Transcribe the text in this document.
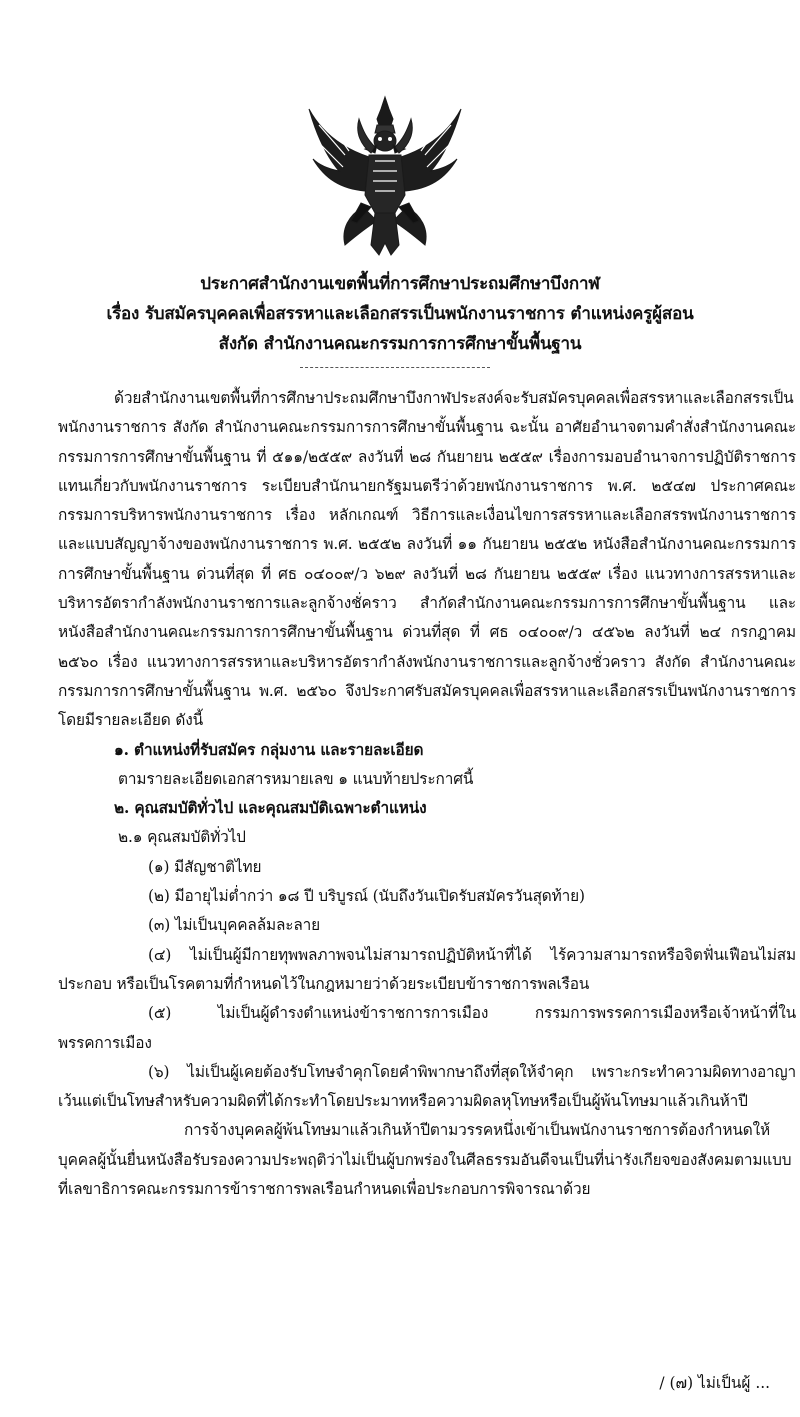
ประกาศสำนักงานเขตพื้นที่การศึกษาประถมศึกษาบึงกาฬ
เรื่อง รับสมัครบุคคลเพื่อสรรหาและเลือกสรรเป็นพนักงานราชการ ตำแหน่งครูผู้สอน
สังกัด สำนักงานคณะกรรมการการศึกษาขั้นพื้นฐาน

ด้วยสำนักงานเขตพื้นที่การศึกษาประถมศึกษาบึงกาฬประสงค์จะรับสมัครบุคคลเพื่อสรรหาและเลือกสรรเป็นพนักงานราชการ สังกัด สำนักงานคณะกรรมการการศึกษาขั้นพื้นฐาน ฉะนั้น อาศัยอำนาจตามคำสั่งสำนักงานคณะกรรมการการศึกษาขั้นพื้นฐาน ที่ ๕๑๑/๒๕๕๙ ลงวันที่ ๒๘ กันยายน ๒๕๕๙ เรื่องการมอบอำนาจการปฏิบัติราชการแทนเกี่ยวกับพนักงานราชการ ระเบียบสำนักนายกรัฐมนตรีว่าด้วยพนักงานราชการ พ.ศ. ๒๕๔๗ ประกาศคณะกรรมการบริหารพนักงานราชการ เรื่อง หลักเกณฑ์ วิธีการและเงื่อนไขการสรรหาและเลือกสรรพนักงานราชการและแบบสัญญาจ้างของพนักงานราชการ พ.ศ. ๒๕๕๒ ลงวันที่ ๑๑ กันยายน ๒๕๕๒ หนังสือสำนักงานคณะกรรมการการศึกษาขั้นพื้นฐาน ด่วนที่สุด ที่ ศธ ๐๔๐๐๙/ว ๖๒๙ ลงวันที่ ๒๘ กันยายน ๒๕๕๙ เรื่อง แนวทางการสรรหาและบริหารอัตรากำลังพนักงานราชการและลูกจ้างชั่คราว สำกัดสำนักงานคณะกรรมการการศึกษาขั้นพื้นฐาน และหนังสือสำนักงานคณะกรรมการการศึกษาขั้นพื้นฐาน ด่วนที่สุด ที่ ศธ ๐๔๐๐๙/ว ๔๕๖๒ ลงวันที่ ๒๔ กรกฎาคม ๒๕๖๐ เรื่อง แนวทางการสรรหาและบริหารอัตรากำลังพนักงานราชการและลูกจ้างชั่วคราว สังกัด สำนักงานคณะกรรมการการศึกษาขั้นพื้นฐาน พ.ศ. ๒๕๖๐ จึงประกาศรับสมัครบุคคลเพื่อสรรหาและเลือกสรรเป็นพนักงานราชการ โดยมีรายละเอียด ดังนี้

๑. ตำแหน่งที่รับสมัคร กลุ่มงาน และรายละเอียด

ตามรายละเอียดเอกสารหมายเลข ๑ แนบท้ายประกาศนี้

๒. คุณสมบัติทั่วไป และคุณสมบัติเฉพาะตำแหน่ง

๒.๑ คุณสมบัติทั่วไป

(๑) มีสัญชาติไทย

(๒) มีอายุไม่ต่ำกว่า ๑๘ ปี บริบูรณ์ (นับถึงวันเปิดรับสมัครวันสุดท้าย)

(๓) ไม่เป็นบุคคลล้มละลาย

(๔) ไม่เป็นผู้มีกายทุพพลภาพจนไม่สามารถปฏิบัติหน้าที่ได้ ไร้ความสามารถหรือจิตฟั่นเฟือนไม่สมประกอบ หรือเป็นโรคตามที่กำหนดไว้ในกฎหมายว่าด้วยระเบียบข้าราชการพลเรือน

(๕) ไม่เป็นผู้ดำรงตำแหน่งข้าราชการการเมือง กรรมการพรรคการเมืองหรือเจ้าหน้าที่ในพรรคการเมือง

(๖) ไม่เป็นผู้เคยต้องรับโทษจำคุกโดยคำพิพากษาถึงที่สุดให้จำคุก เพราะกระทำความผิดทางอาญา เว้นแต่เป็นโทษสำหรับความผิดที่ได้กระทำโดยประมาทหรือความผิดลหุโทษหรือเป็นผู้พ้นโทษมาแล้วเกินห้าปี

การจ้างบุคคลผู้พ้นโทษมาแล้วเกินห้าปีตามวรรคหนึ่งเข้าเป็นพนักงานราชการต้องกำหนดให้บุคคลผู้นั้นยื่นหนังสือรับรองความประพฤติว่าไม่เป็นผู้บกพร่องในศีลธรรมอันดีจนเป็นที่น่ารังเกียจของสังคมตามแบบที่เลขาธิการคณะกรรมการข้าราชการพลเรือนกำหนดเพื่อประกอบการพิจารณาด้วย

/ (๗) ไม่เป็นผู้ ...
